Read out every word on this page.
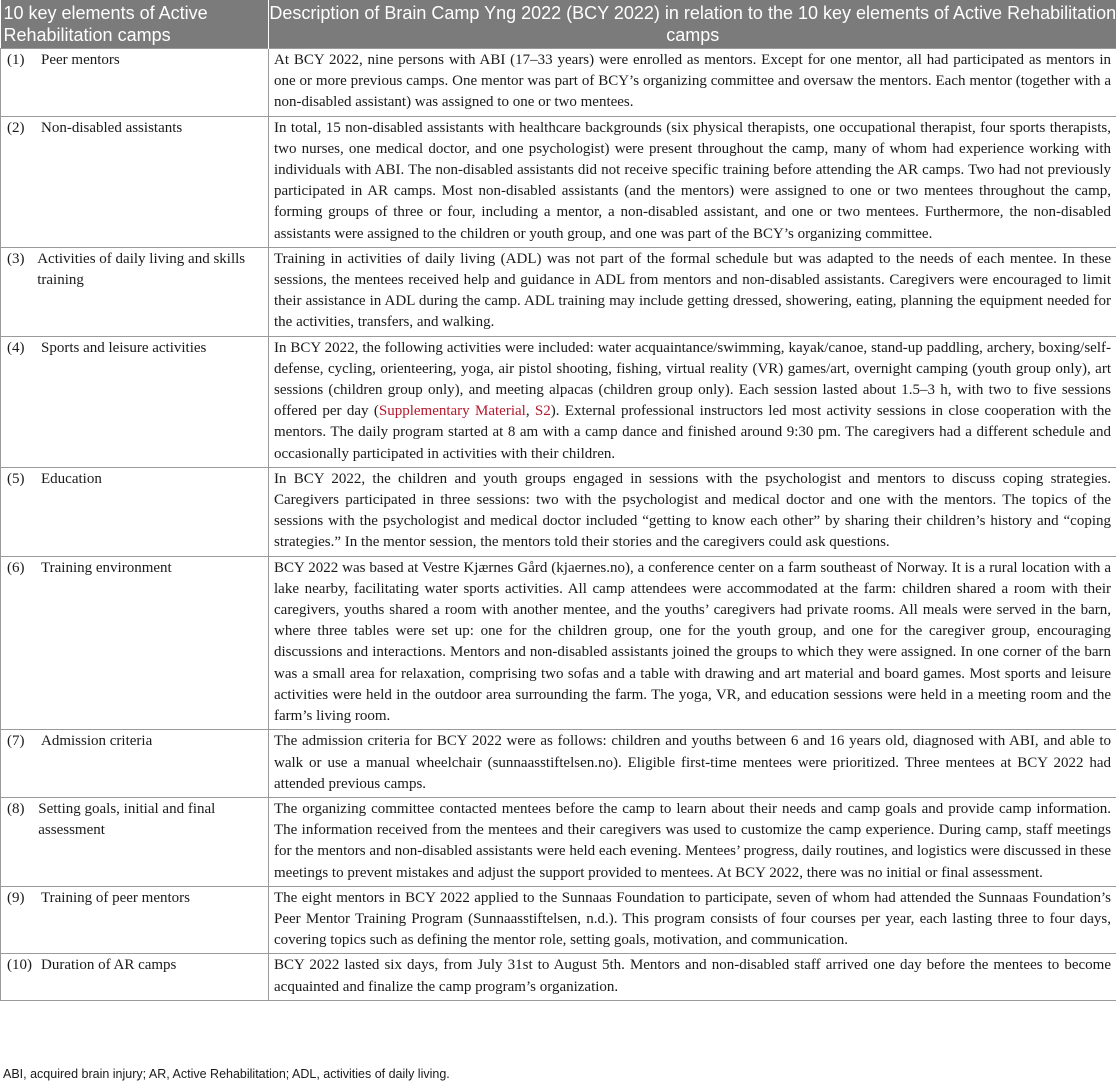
10 key elements of Active Rehabilitation camps	Description of Brain Camp Yng 2022 (BCY 2022) in relation to the 10 key elements of Active Rehabilitation camps

(1) Peer mentors	At BCY 2022, nine persons with ABI (17–33 years) were enrolled as mentors. Except for one mentor, all had participated as mentors in one or more previous camps. One mentor was part of BCY’s organizing committee and oversaw the mentors. Each mentor (together with a non-disabled assistant) was assigned to one or two mentees.

(2) Non-disabled assistants	In total, 15 non-disabled assistants with healthcare backgrounds (six physical therapists, one occupational therapist, four sports therapists, two nurses, one medical doctor, and one psychologist) were present throughout the camp, many of whom had experience working with individuals with ABI. The non-disabled assistants did not receive specific training before attending the AR camps. Two had not previously participated in AR camps. Most non-disabled assistants (and the mentors) were assigned to one or two mentees throughout the camp, forming groups of three or four, including a mentor, a non-disabled assistant, and one or two mentees. Furthermore, the non-disabled assistants were assigned to the children or youth group, and one was part of the BCY’s organizing committee.

(3) Activities of daily living and skills training	Training in activities of daily living (ADL) was not part of the formal schedule but was adapted to the needs of each mentee. In these sessions, the mentees received help and guidance in ADL from mentors and non-disabled assistants. Caregivers were encouraged to limit their assistance in ADL during the camp. ADL training may include getting dressed, showering, eating, planning the equipment needed for the activities, transfers, and walking.

(4) Sports and leisure activities	In BCY 2022, the following activities were included: water acquaintance/swimming, kayak/canoe, stand-up paddling, archery, boxing/self-defense, cycling, orienteering, yoga, air pistol shooting, fishing, virtual reality (VR) games/art, overnight camping (youth group only), art sessions (children group only), and meeting alpacas (children group only). Each session lasted about 1.5–3 h, with two to five sessions offered per day (Supplementary Material, S2). External professional instructors led most activity sessions in close cooperation with the mentors. The daily program started at 8 am with a camp dance and finished around 9:30 pm. The caregivers had a different schedule and occasionally participated in activities with their children.

(5) Education	In BCY 2022, the children and youth groups engaged in sessions with the psychologist and mentors to discuss coping strategies. Caregivers participated in three sessions: two with the psychologist and medical doctor and one with the mentors. The topics of the sessions with the psychologist and medical doctor included “getting to know each other” by sharing their children’s history and “coping strategies.” In the mentor session, the mentors told their stories and the caregivers could ask questions.

(6) Training environment	BCY 2022 was based at Vestre Kjærnes Gård (kjaernes.no), a conference center on a farm southeast of Norway. It is a rural location with a lake nearby, facilitating water sports activities. All camp attendees were accommodated at the farm: children shared a room with their caregivers, youths shared a room with another mentee, and the youths’ caregivers had private rooms. All meals were served in the barn, where three tables were set up: one for the children group, one for the youth group, and one for the caregiver group, encouraging discussions and interactions. Mentors and non-disabled assistants joined the groups to which they were assigned. In one corner of the barn was a small area for relaxation, comprising two sofas and a table with drawing and art material and board games. Most sports and leisure activities were held in the outdoor area surrounding the farm. The yoga, VR, and education sessions were held in a meeting room and the farm’s living room.

(7) Admission criteria	The admission criteria for BCY 2022 were as follows: children and youths between 6 and 16 years old, diagnosed with ABI, and able to walk or use a manual wheelchair (sunnaasstiftelsen.no). Eligible first-time mentees were prioritized. Three mentees at BCY 2022 had attended previous camps.

(8) Setting goals, initial and final assessment	The organizing committee contacted mentees before the camp to learn about their needs and camp goals and provide camp information. The information received from the mentees and their caregivers was used to customize the camp experience. During camp, staff meetings for the mentors and non-disabled assistants were held each evening. Mentees’ progress, daily routines, and logistics were discussed in these meetings to prevent mistakes and adjust the support provided to mentees. At BCY 2022, there was no initial or final assessment.

(9) Training of peer mentors	The eight mentors in BCY 2022 applied to the Sunnaas Foundation to participate, seven of whom had attended the Sunnaas Foundation’s Peer Mentor Training Program (Sunnaasstiftelsen, n.d.). This program consists of four courses per year, each lasting three to four days, covering topics such as defining the mentor role, setting goals, motivation, and communication.

(10) Duration of AR camps	BCY 2022 lasted six days, from July 31st to August 5th. Mentors and non-disabled staff arrived one day before the mentees to become acquainted and finalize the camp program’s organization.
ABI, acquired brain injury; AR, Active Rehabilitation; ADL, activities of daily living.
